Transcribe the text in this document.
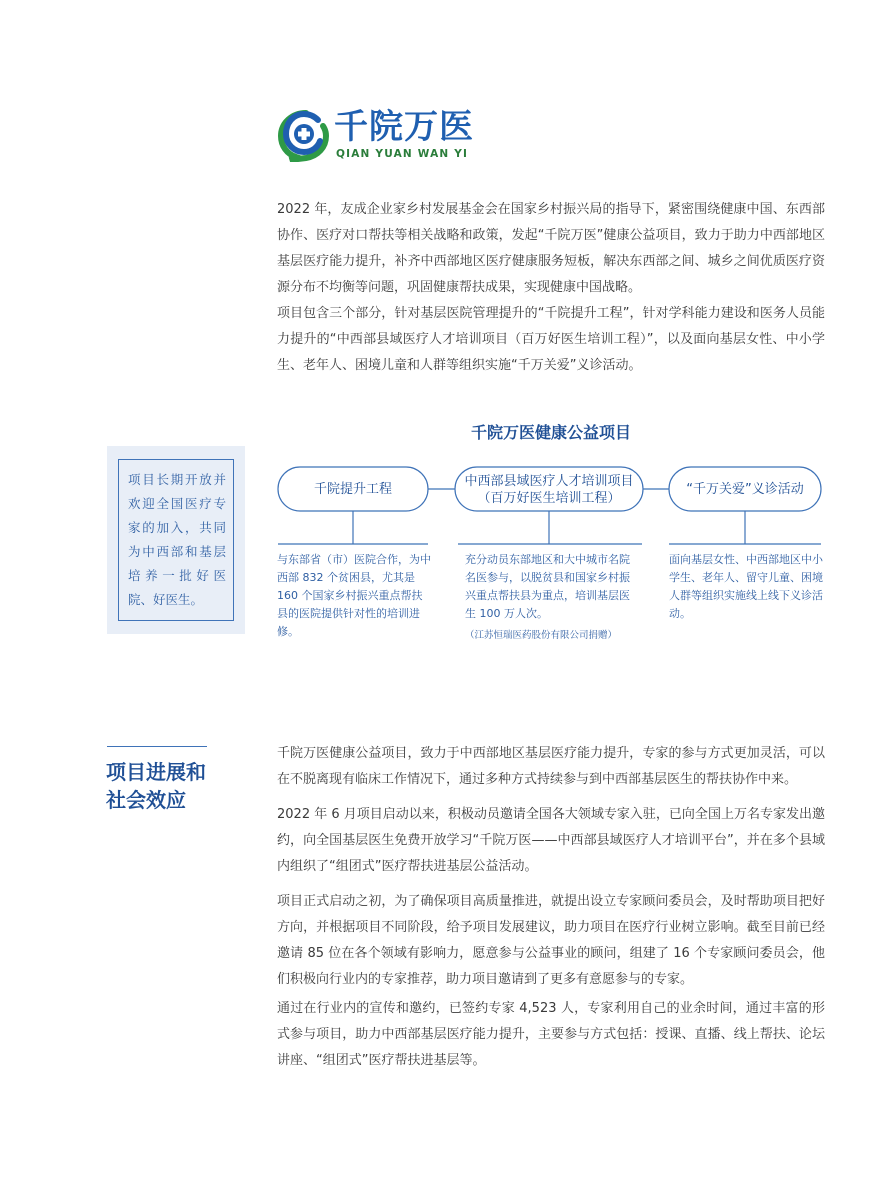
千院万医
QIAN YUAN WAN YI

2022 年，友成企业家乡村发展基金会在国家乡村振兴局的指导下，紧密围绕健康中国、东西部协作、医疗对口帮扶等相关战略和政策，发起“千院万医”健康公益项目，致力于助力中西部地区基层医疗能力提升，补齐中西部地区医疗健康服务短板，解决东西部之间、城乡之间优质医疗资源分布不均衡等问题，巩固健康帮扶成果，实现健康中国战略。

项目包含三个部分，针对基层医院管理提升的“千院提升工程”，针对学科能力建设和医务人员能力提升的“中西部县域医疗人才培训项目（百万好医生培训工程）”，以及面向基层女性、中小学生、老年人、困境儿童和人群等组织实施“千万关爱”义诊活动。

项目长期开放并欢迎全国医疗专家的加入，共同为中西部和基层培养一批好医院、好医生。

千院万医健康公益项目
千院提升工程
中西部县域医疗人才培训项目
（百万好医生培训工程）
“千万关爱”义诊活动

与东部省（市）医院合作，为中西部 832 个贫困县，尤其是 160 个国家乡村振兴重点帮扶县的医院提供针对性的培训进修。

充分动员东部地区和大中城市名院名医参与，以脱贫县和国家乡村振兴重点帮扶县为重点，培训基层医生 100 万人次。

（江苏恒瑞医药股份有限公司捐赠）

面向基层女性、中西部地区中小学生、老年人、留守儿童、困境人群等组织实施线上线下义诊活动。

项目进展和
社会效应

千院万医健康公益项目，致力于中西部地区基层医疗能力提升，专家的参与方式更加灵活，可以在不脱离现有临床工作情况下，通过多种方式持续参与到中西部基层医生的帮扶协作中来。

2022 年 6 月项目启动以来，积极动员邀请全国各大领域专家入驻，已向全国上万名专家发出邀约，向全国基层医生免费开放学习“千院万医——中西部县域医疗人才培训平台”，并在多个县域内组织了“组团式”医疗帮扶进基层公益活动。

项目正式启动之初，为了确保项目高质量推进，就提出设立专家顾问委员会，及时帮助项目把好方向，并根据项目不同阶段，给予项目发展建议，助力项目在医疗行业树立影响。截至目前已经邀请 85 位在各个领域有影响力，愿意参与公益事业的顾问，组建了 16 个专家顾问委员会，他们积极向行业内的专家推荐，助力项目邀请到了更多有意愿参与的专家。

通过在行业内的宣传和邀约，已签约专家 4,523 人，专家利用自己的业余时间，通过丰富的形式参与项目，助力中西部基层医疗能力提升，主要参与方式包括：授课、直播、线上帮扶、论坛讲座、“组团式”医疗帮扶进基层等。
